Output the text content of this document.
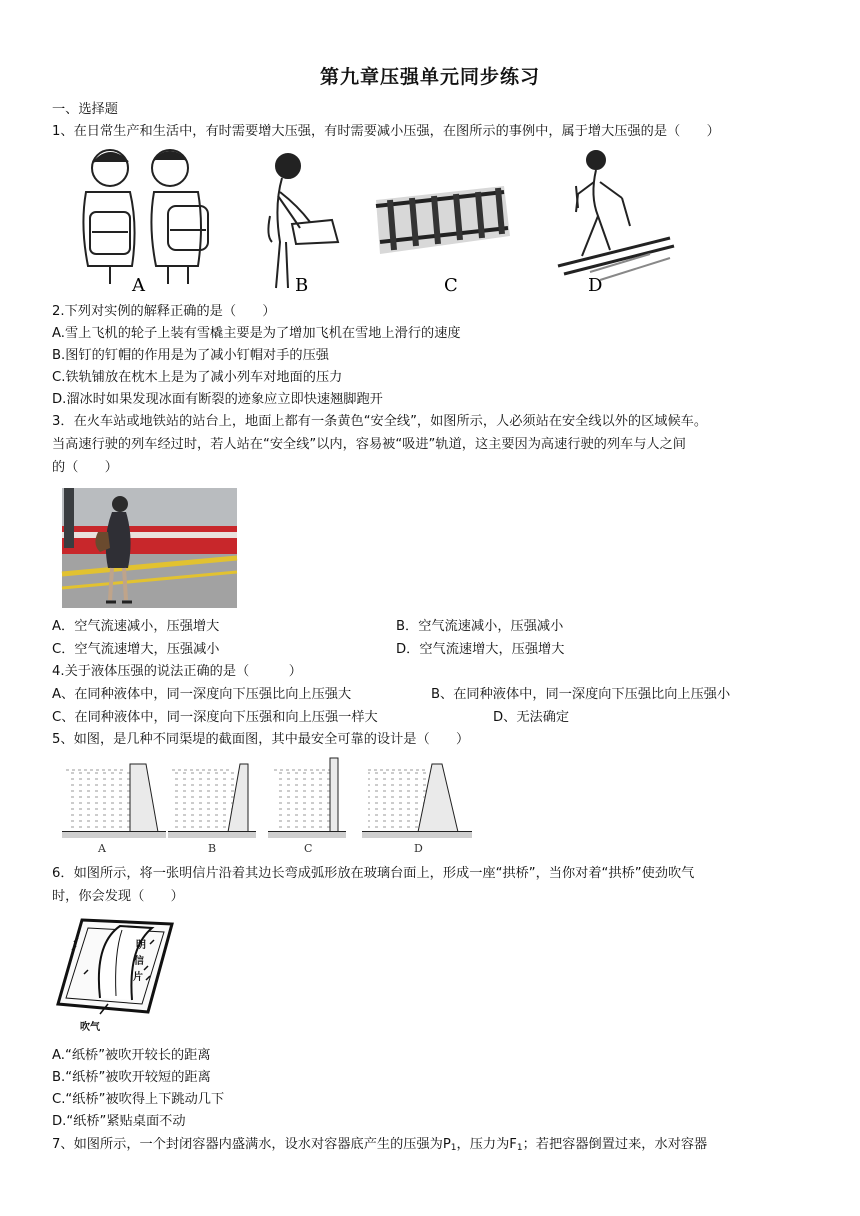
第九章压强单元同步练习
一、选择题
1、在日常生产和生活中，有时需要增大压强，有时需要减小压强，在图所示的事例中，属于增大压强的是（　　）
A	B	C	D
2.下列对实例的解释正确的是（　　）
A.雪上飞机的轮子上装有雪橇主要是为了增加飞机在雪地上滑行的速度
B.图钉的钉帽的作用是为了减小钉帽对手的压强
C.铁轨铺放在枕木上是为了减小列车对地面的压力
D.溜冰时如果发现冰面有断裂的迹象应立即快速翘脚跑开
3．在火车站或地铁站的站台上，地面上都有一条黄色“安全线”，如图所示，人必须站在安全线以外的区域候车。
当高速行驶的列车经过时，若人站在“安全线”以内，容易被“吸进”轨道，这主要因为高速行驶的列车与人之间
的（　　）
A．空气流速减小，压强增大	B．空气流速减小，压强减小
C．空气流速增大，压强减小	D．空气流速增大，压强增大
4.关于液体压强的说法正确的是（　　　）
A、在同种液体中，同一深度向下压强比向上压强大	B、在同种液体中，同一深度向下压强比向上压强小
C、在同种液体中，同一深度向下压强和向上压强一样大	D、无法确定
5、如图，是几种不同渠堤的截面图，其中最安全可靠的设计是（　　）
A	B	C	D
6．如图所示，将一张明信片沿着其边长弯成弧形放在玻璃台面上，形成一座“拱桥”，当你对着“拱桥”使劲吹气
时，你会发现（　　）
明
信
片
吹气
A.“纸桥”被吹开较长的距离
B.“纸桥”被吹开较短的距离
C.“纸桥”被吹得上下跳动几下
D.“纸桥”紧贴桌面不动
7、如图所示，一个封闭容器内盛满水，设水对容器底产生的压强为$P_1$，压力为$F_1$；若把容器倒置过来，水对容器
